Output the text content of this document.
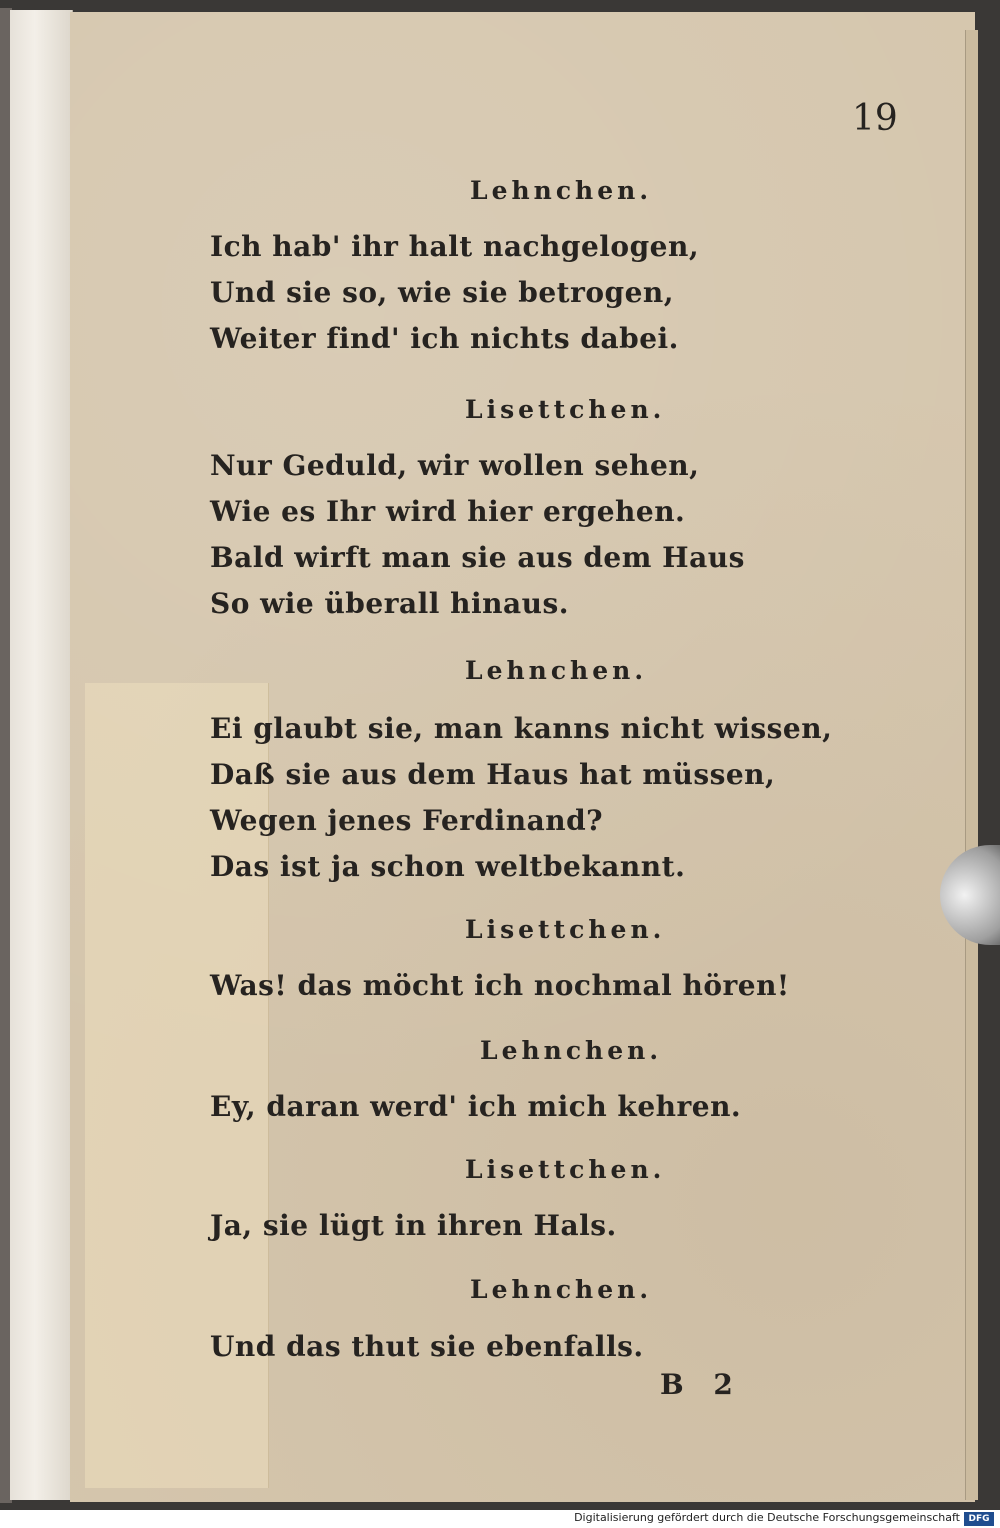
19

Lehnchen.

Ich hab' ihr halt nachgelogen,

Und sie so, wie sie betrogen,

Weiter find' ich nichts dabei.

Lisettchen.

Nur Geduld, wir wollen sehen,

Wie es Ihr wird hier ergehen.

Bald wirft man sie aus dem Haus

So wie überall hinaus.

Lehnchen.

Ei glaubt sie, man kanns nicht wissen,

Daß sie aus dem Haus hat müssen,

Wegen jenes Ferdinand?

Das ist ja schon weltbekannt.

Lisettchen.

Was! das möcht ich nochmal hören!

Lehnchen.

Ey, daran werd' ich mich kehren.

Lisettchen.

Ja, sie lügt in ihren Hals.

Lehnchen.

Und das thut sie ebenfalls.

B 2

Digitalisierung gefördert durch die Deutsche Forschungsgemeinschaft DFG
